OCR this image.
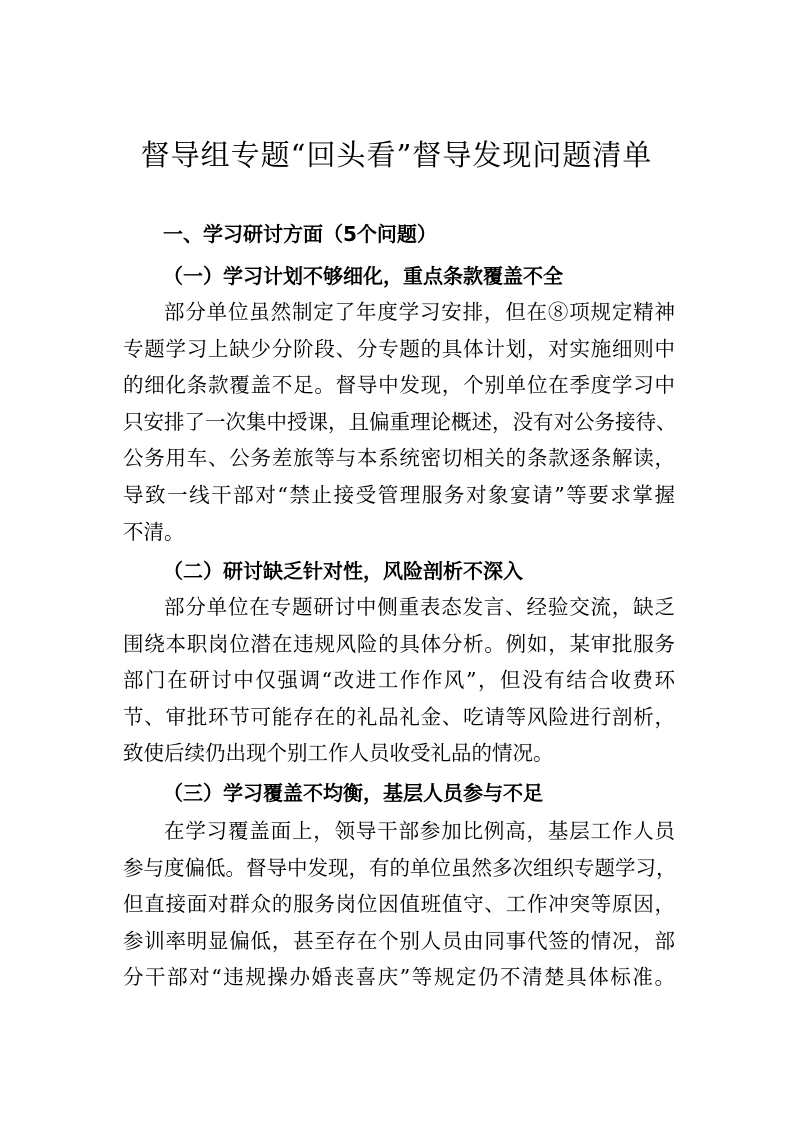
督导组专题“回头看”督导发现问题清单
一、学习研讨方面（5个问题）
（一）学习计划不够细化，重点条款覆盖不全
部分单位虽然制定了年度学习安排，但在⑧项规定精神
专题学习上缺少分阶段、分专题的具体计划，对实施细则中
的细化条款覆盖不足。督导中发现，个别单位在季度学习中
只安排了一次集中授课，且偏重理论概述，没有对公务接待、
公务用车、公务差旅等与本系统密切相关的条款逐条解读，
导致一线干部对“禁止接受管理服务对象宴请”等要求掌握
不清。
（二）研讨缺乏针对性，风险剖析不深入
部分单位在专题研讨中侧重表态发言、经验交流，缺乏
围绕本职岗位潜在违规风险的具体分析。例如，某审批服务
部门在研讨中仅强调“改进工作作风”，但没有结合收费环
节、审批环节可能存在的礼品礼金、吃请等风险进行剖析，
致使后续仍出现个别工作人员收受礼品的情况。
（三）学习覆盖不均衡，基层人员参与不足
在学习覆盖面上，领导干部参加比例高，基层工作人员
参与度偏低。督导中发现，有的单位虽然多次组织专题学习，
但直接面对群众的服务岗位因值班值守、工作冲突等原因，
参训率明显偏低，甚至存在个别人员由同事代签的情况，部
分干部对“违规操办婚丧喜庆”等规定仍不清楚具体标准。
